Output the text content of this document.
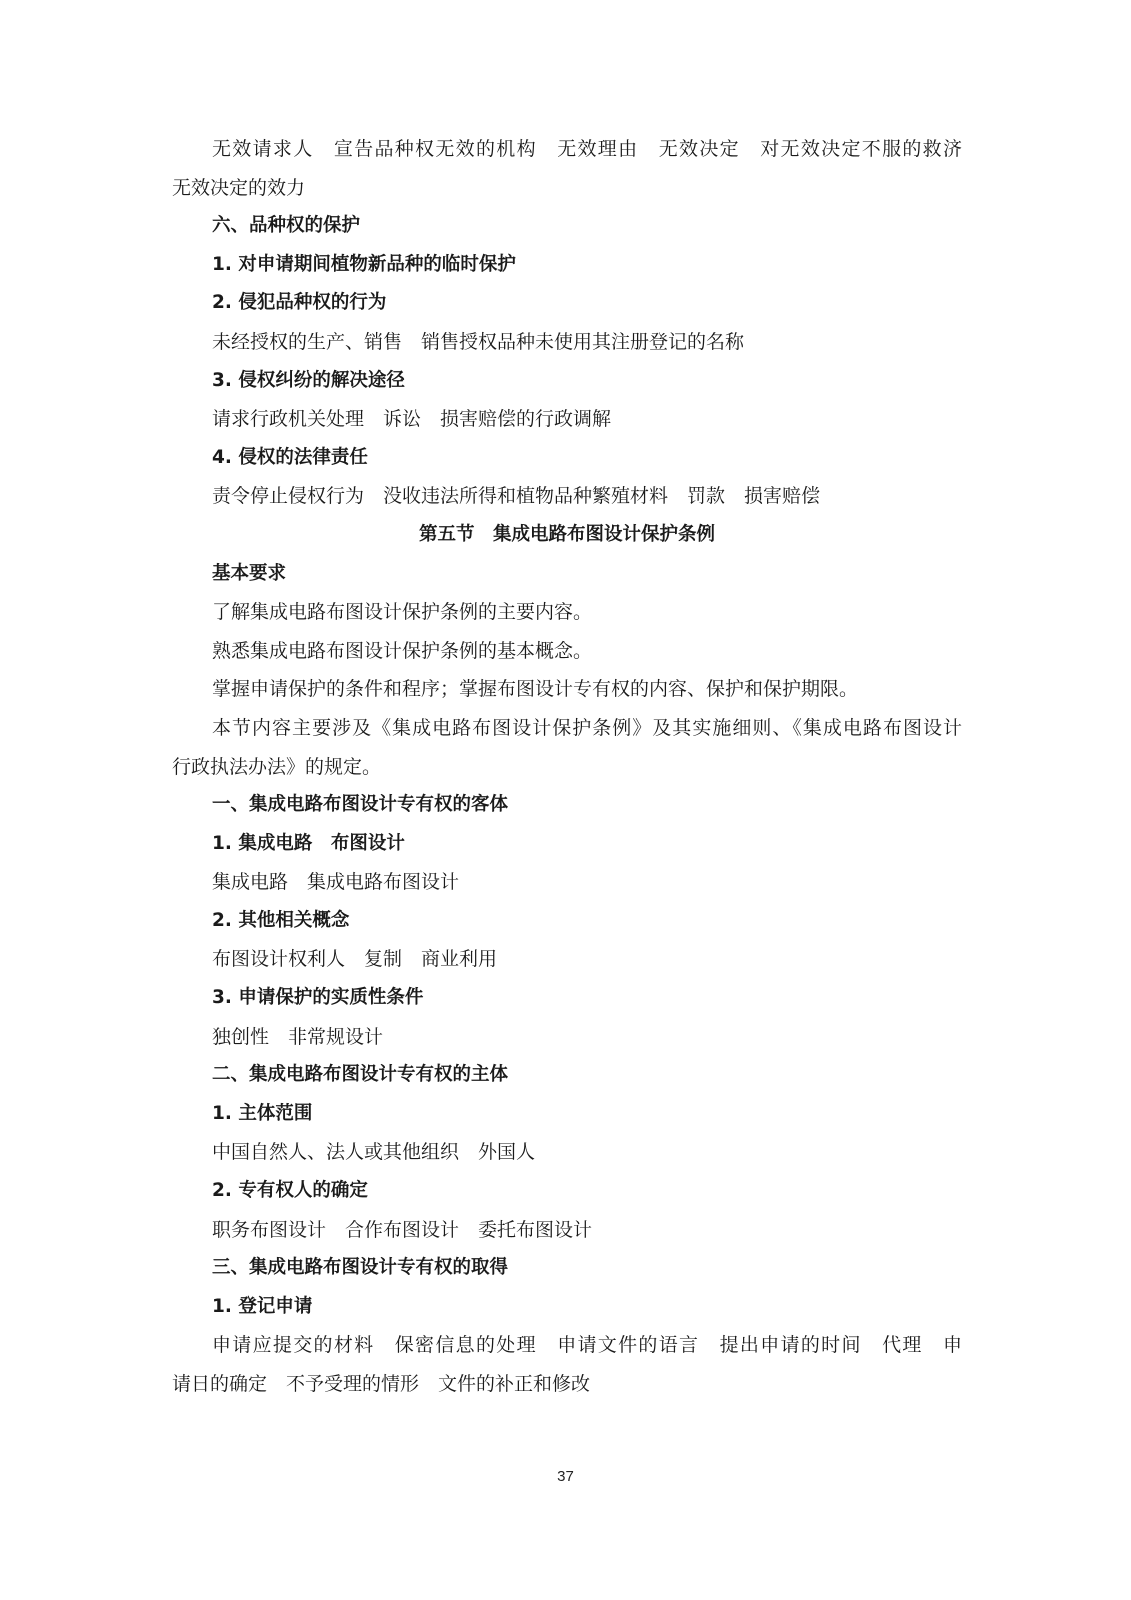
无效请求人　宣告品种权无效的机构　无效理由　无效决定　对无效决定不服的救济

无效决定的效力

六、品种权的保护

1. 对申请期间植物新品种的临时保护

2. 侵犯品种权的行为

未经授权的生产、销售　销售授权品种未使用其注册登记的名称

3. 侵权纠纷的解决途径

请求行政机关处理　诉讼　损害赔偿的行政调解

4. 侵权的法律责任

责令停止侵权行为　没收违法所得和植物品种繁殖材料　罚款　损害赔偿

第五节　集成电路布图设计保护条例

基本要求

了解集成电路布图设计保护条例的主要内容。

熟悉集成电路布图设计保护条例的基本概念。

掌握申请保护的条件和程序；掌握布图设计专有权的内容、保护和保护期限。

本节内容主要涉及《集成电路布图设计保护条例》及其实施细则、《集成电路布图设计

行政执法办法》的规定。

一、集成电路布图设计专有权的客体

1. 集成电路　布图设计

集成电路　集成电路布图设计

2. 其他相关概念

布图设计权利人　复制　商业利用

3. 申请保护的实质性条件

独创性　非常规设计

二、集成电路布图设计专有权的主体

1. 主体范围

中国自然人、法人或其他组织　外国人

2. 专有权人的确定

职务布图设计　合作布图设计　委托布图设计

三、集成电路布图设计专有权的取得

1. 登记申请

申请应提交的材料　保密信息的处理　申请文件的语言　提出申请的时间　代理　申

请日的确定　不予受理的情形　文件的补正和修改

37
